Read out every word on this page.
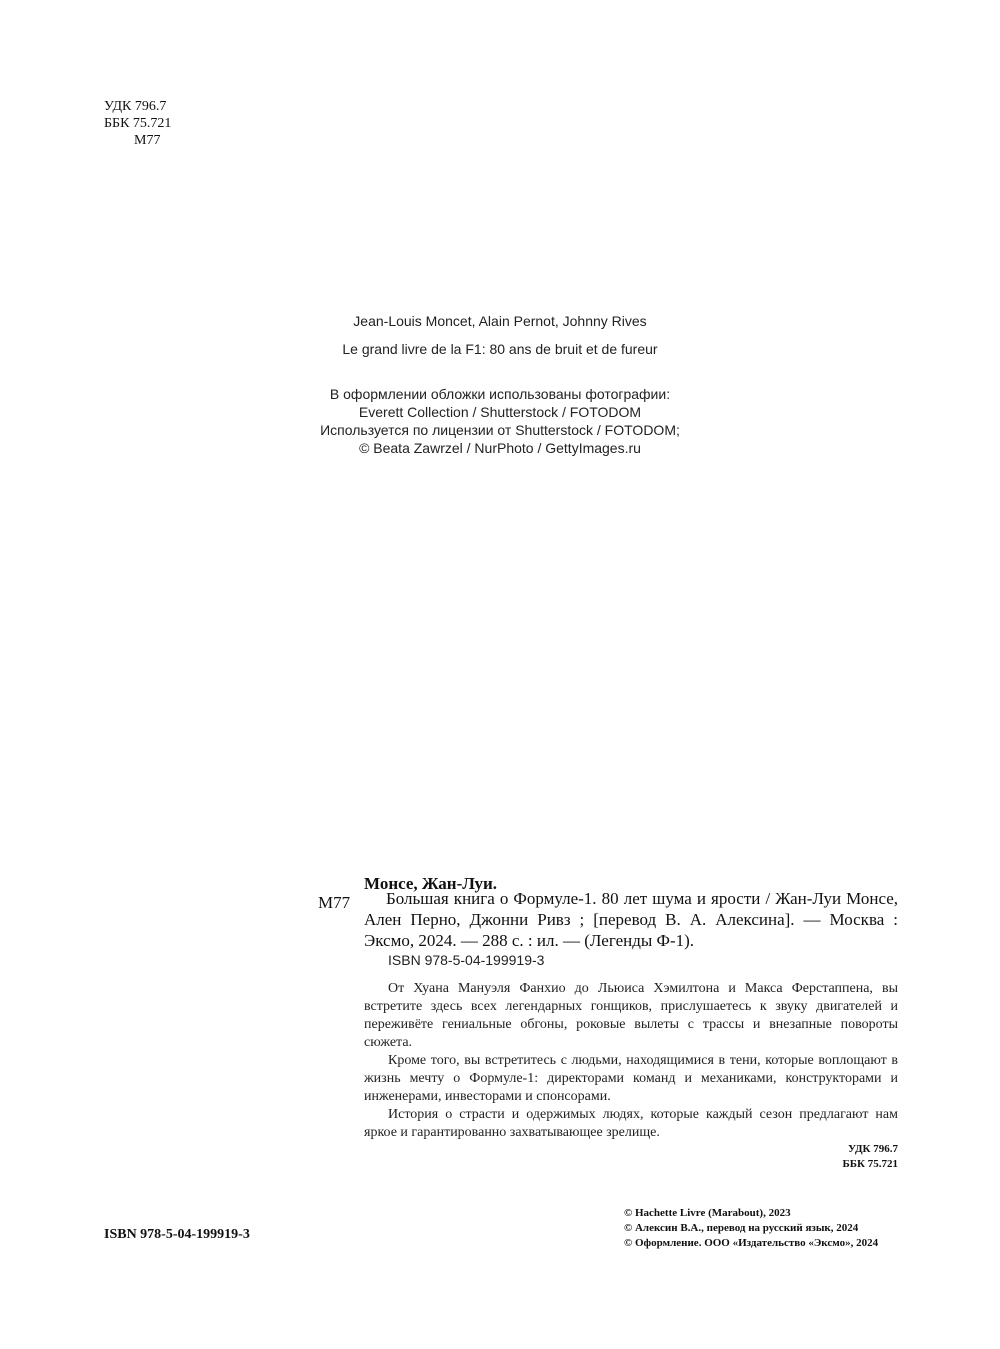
УДК 796.7
ББК 75.721
М77
Jean-Louis Moncet, Alain Pernot, Johnny Rives
Le grand livre de la F1: 80 ans de bruit et de fureur
В оформлении обложки использованы фотографии:
Everett Collection / Shutterstock / FOTODOM
Используется по лицензии от Shutterstock / FOTODOM;
© Beata Zawrzel / NurPhoto / GettyImages.ru
Монсе, Жан-Луи.
М77	Большая книга о Формуле-1. 80 лет шума и ярости / Жан-Луи Монсе, Ален Перно, Джонни Ривз ; [перевод В. А. Алексина]. — Москва : Эксмо, 2024. — 288 с. : ил. — (Легенды Ф-1).

ISBN 978-5-04-199919-3

От Хуана Мануэля Фанхио до Льюиса Хэмилтона и Макса Ферстаппена, вы встретите здесь всех легендарных гонщиков, прислушаетесь к звуку двигателей и переживёте гениальные обгоны, роковые вылеты с трассы и внезапные повороты сюжета.

Кроме того, вы встретитесь с людьми, находящимися в тени, которые воплощают в жизнь мечту о Формуле-1: директорами команд и механиками, конструкторами и инженерами, инвесторами и спонсорами.

История о страсти и одержимых людях, которые каждый сезон предлагают нам яркое и гарантированно захватывающее зрелище.

УДК 796.7
ББК 75.721
ISBN 978-5-04-199919-3
© Hachette Livre (Marabout), 2023
© Алексин В.А., перевод на русский язык, 2024
© Оформление. ООО «Издательство «Эксмо», 2024
